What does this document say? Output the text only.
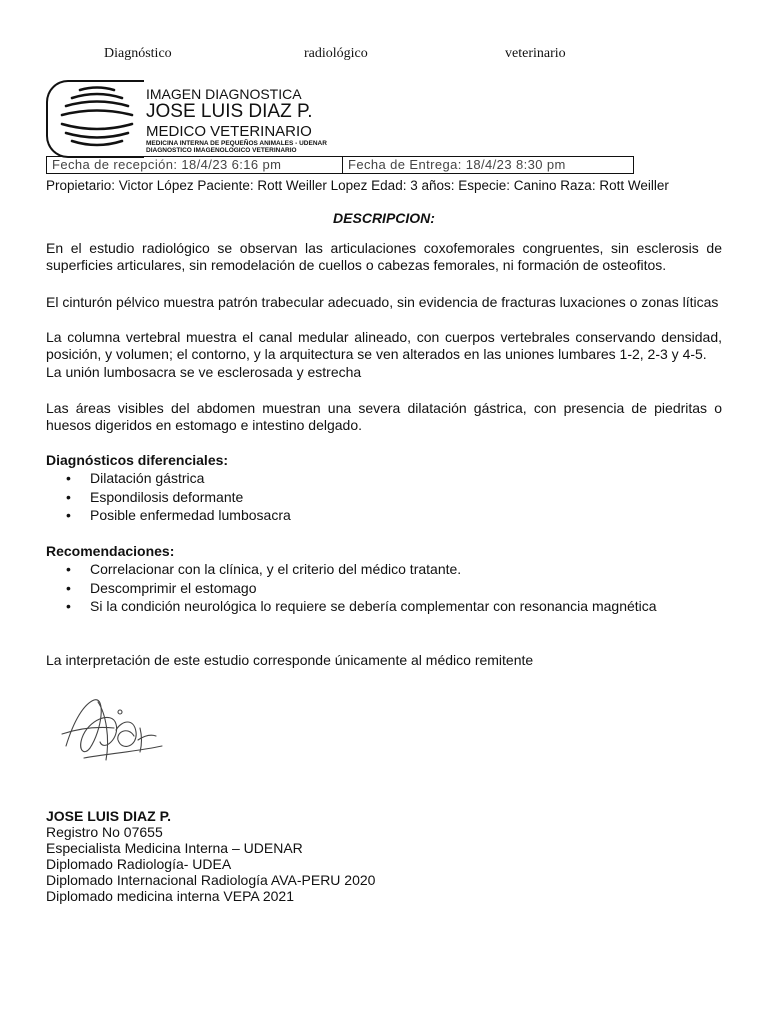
Diagnóstico	radiológico	veterinario
IMAGEN DIAGNOSTICA
JOSE LUIS DIAZ P.
MEDICO VETERINARIO
MEDICINA INTERNA DE PEQUEÑOS ANIMALES - UDENAR
DIAGNOSTICO IMAGENOLOGICO VETERINARIO
Fecha de recepción: 18/4/23 6:16 pm	Fecha de Entrega: 18/4/23 8:30 pm
Propietario: Victor López Paciente: Rott Weiller Lopez Edad: 3 años: Especie: Canino Raza: Rott Weiller
DESCRIPCION:
En el estudio radiológico se observan las articulaciones coxofemorales congruentes, sin esclerosis de superficies articulares, sin remodelación de cuellos o cabezas femorales, ni formación de osteofitos.
El cinturón pélvico muestra patrón trabecular adecuado, sin evidencia de fracturas luxaciones o zonas líticas
La columna vertebral muestra el canal medular alineado, con cuerpos vertebrales conservando densidad, posición, y volumen; el contorno, y la arquitectura se ven alterados en las uniones lumbares 1-2, 2-3 y 4-5.
La unión lumbosacra se ve esclerosada y estrecha
Las áreas visibles del abdomen muestran una severa dilatación gástrica, con presencia de piedritas o huesos digeridos en estomago e intestino delgado.
Diagnósticos diferenciales:
• Dilatación gástrica
• Espondilosis deformante
• Posible enfermedad lumbosacra
Recomendaciones:
• Correlacionar con la clínica, y el criterio del médico tratante.
• Descomprimir el estomago
• Si la condición neurológica lo requiere se debería complementar con resonancia magnética
La interpretación de este estudio corresponde únicamente al médico remitente
JOSE LUIS DIAZ P.
Registro No 07655
Especialista Medicina Interna – UDENAR
Diplomado Radiología- UDEA
Diplomado Internacional Radiología AVA-PERU 2020
Diplomado medicina interna VEPA 2021
